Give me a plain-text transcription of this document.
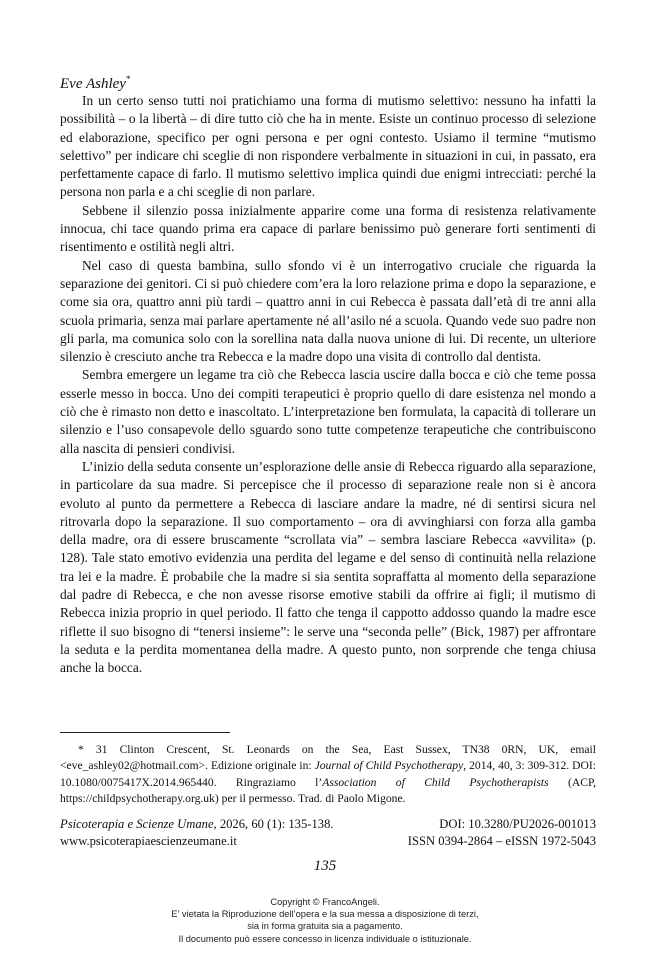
Eve Ashley*

In un certo senso tutti noi pratichiamo una forma di mutismo selettivo: nessuno ha infatti la possibilità – o la libertà – di dire tutto ciò che ha in mente. Esiste un continuo processo di selezione ed elaborazione, specifico per ogni persona e per ogni contesto. Usiamo il termine “mutismo selettivo” per indicare chi sceglie di non rispondere verbalmente in situazioni in cui, in passato, era perfettamente capace di farlo. Il mutismo selettivo implica quindi due enigmi intrecciati: perché la persona non parla e a chi sceglie di non parlare.

Sebbene il silenzio possa inizialmente apparire come una forma di resistenza relativamente innocua, chi tace quando prima era capace di parlare benissimo può generare forti sentimenti di risentimento e ostilità negli altri.

Nel caso di questa bambina, sullo sfondo vi è un interrogativo cruciale che riguarda la separazione dei genitori. Ci si può chiedere com’era la loro relazione prima e dopo la separazione, e come sia ora, quattro anni più tardi – quattro anni in cui Rebecca è passata dall’età di tre anni alla scuola primaria, senza mai parlare apertamente né all’asilo né a scuola. Quando vede suo padre non gli parla, ma comunica solo con la sorellina nata dalla nuova unione di lui. Di recente, un ulteriore silenzio è cresciuto anche tra Rebecca e la madre dopo una visita di controllo dal dentista.

Sembra emergere un legame tra ciò che Rebecca lascia uscire dalla bocca e ciò che teme possa esserle messo in bocca. Uno dei compiti terapeutici è proprio quello di dare esistenza nel mondo a ciò che è rimasto non detto e inascoltato. L’interpretazione ben formulata, la capacità di tollerare un silenzio e l’uso consapevole dello sguardo sono tutte competenze terapeutiche che contribuiscono alla nascita di pensieri condivisi.

L’inizio della seduta consente un’esplorazione delle ansie di Rebecca riguardo alla separazione, in particolare da sua madre. Si percepisce che il processo di separazione reale non si è ancora evoluto al punto da permettere a Rebecca di lasciare andare la madre, né di sentirsi sicura nel ritrovarla dopo la separazione. Il suo comportamento – ora di avvinghiarsi con forza alla gamba della madre, ora di essere bruscamente “scrollata via” – sembra lasciare Rebecca «avvilita» (p. 128). Tale stato emotivo evidenzia una perdita del legame e del senso di continuità nella relazione tra lei e la madre. È probabile che la madre si sia sentita sopraffatta al momento della separazione dal padre di Rebecca, e che non avesse risorse emotive stabili da offrire ai figli; il mutismo di Rebecca inizia proprio in quel periodo. Il fatto che tenga il cappotto addosso quando la madre esce riflette il suo bisogno di “tenersi insieme”: le serve una “seconda pelle” (Bick, 1987) per affrontare la seduta e la perdita momentanea della madre. A questo punto, non sorprende che tenga chiusa anche la bocca.

* 31 Clinton Crescent, St. Leonards on the Sea, East Sussex, TN38 0RN, UK, email <eve_ashley02@hotmail.com>. Edizione originale in: Journal of Child Psychotherapy, 2014, 40, 3: 309-312. DOI: 10.1080/0075417X.2014.965440. Ringraziamo l’Association of Child Psychotherapists (ACP, https://childpsychotherapy.org.uk) per il permesso. Trad. di Paolo Migone.
Psicoterapia e Scienze Umane, 2026, 60 (1): 135-138.	DOI: 10.3280/PU2026-001013
www.psicoterapiaescienzeumane.it	ISSN 0394-2864 – eISSN 1972-5043
135
Copyright © FrancoAngeli.
E’ vietata la Riproduzione dell’opera e la sua messa a disposizione di terzi,
sia in forma gratuita sia a pagamento.
Il documento può essere concesso in licenza individuale o istituzionale.
